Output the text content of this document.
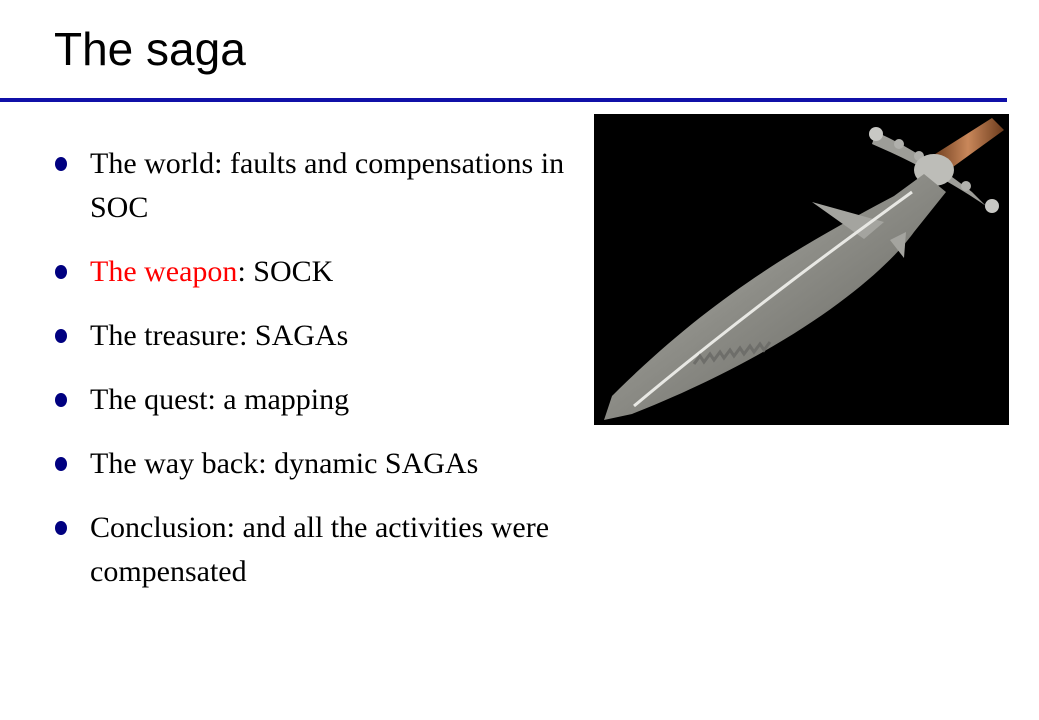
The saga
The world: faults and compensations in SOC
The weapon: SOCK
The treasure: SAGAs
The quest: a mapping
The way back: dynamic SAGAs
Conclusion: and all the activities were compensated
